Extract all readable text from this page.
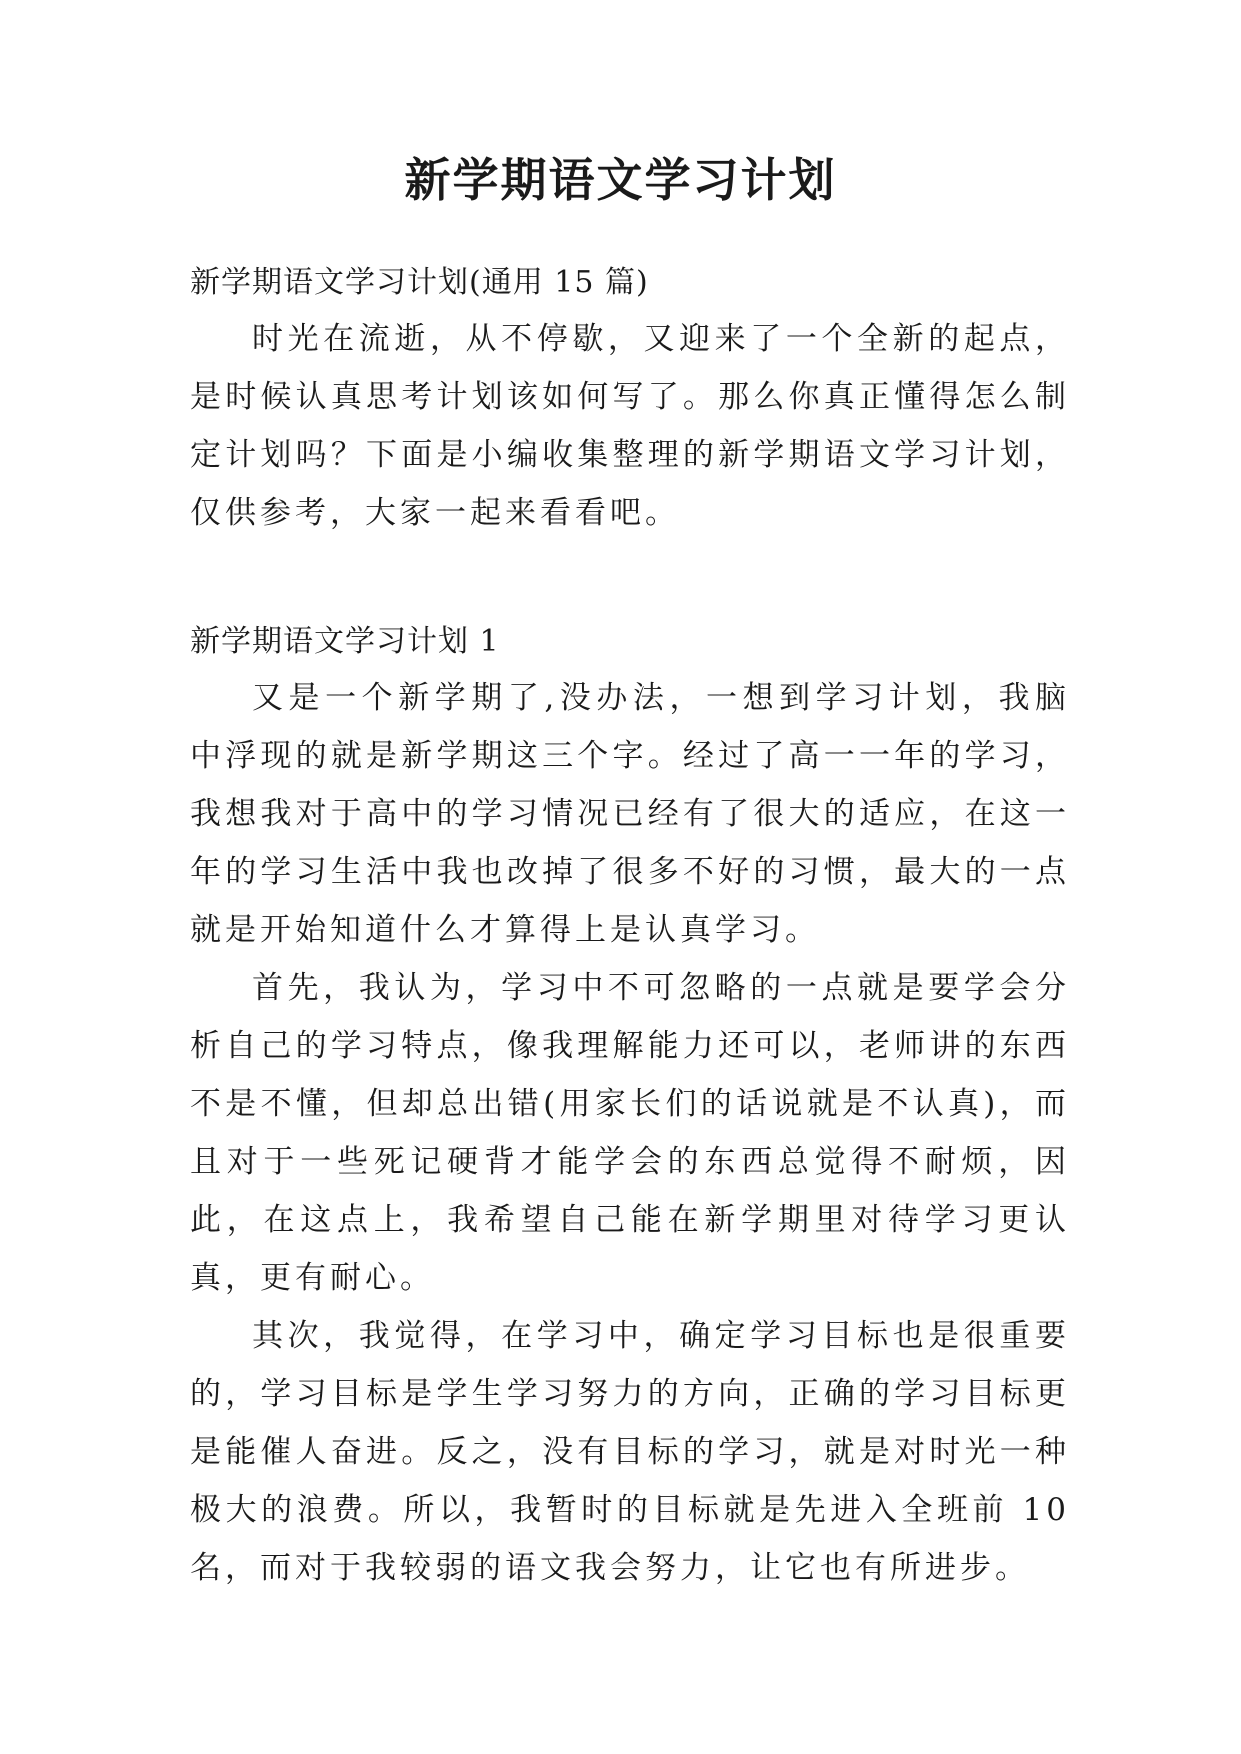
新学期语文学习计划

新学期语文学习计划(通用 15 篇)

时光在流逝，从不停歇，又迎来了一个全新的起点，是时候认真思考计划该如何写了。那么你真正懂得怎么制定计划吗？下面是小编收集整理的新学期语文学习计划，仅供参考，大家一起来看看吧。

新学期语文学习计划 1

又是一个新学期了,没办法，一想到学习计划，我脑中浮现的就是新学期这三个字。经过了高一一年的学习，我想我对于高中的学习情况已经有了很大的适应，在这一年的学习生活中我也改掉了很多不好的习惯，最大的一点就是开始知道什么才算得上是认真学习。

首先，我认为，学习中不可忽略的一点就是要学会分析自己的学习特点，像我理解能力还可以，老师讲的东西不是不懂，但却总出错(用家长们的话说就是不认真)，而且对于一些死记硬背才能学会的东西总觉得不耐烦，因此，在这点上，我希望自己能在新学期里对待学习更认真，更有耐心。

其次，我觉得，在学习中，确定学习目标也是很重要的，学习目标是学生学习努力的方向，正确的学习目标更是能催人奋进。反之，没有目标的学习，就是对时光一种极大的浪费。所以，我暂时的目标就是先进入全班前 10 名，而对于我较弱的语文我会努力，让它也有所进步。
